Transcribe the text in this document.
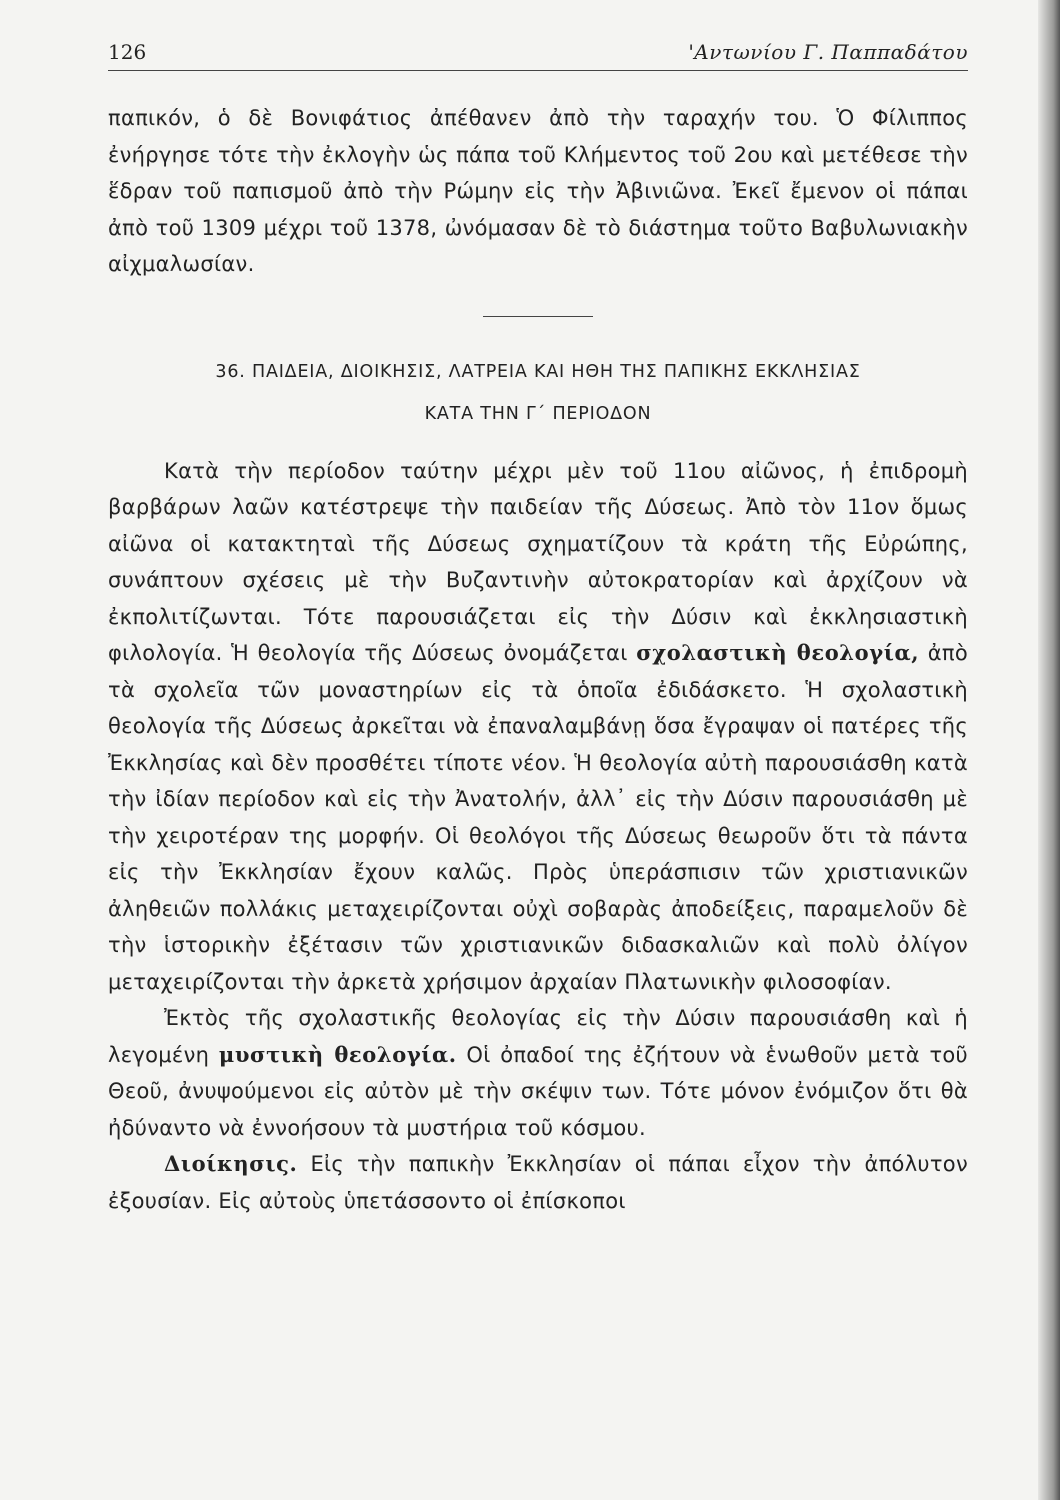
126	'Αντωνίου Γ. Παππαδάτου

παπικόν, ὁ δὲ Βονιφάτιος ἀπέθανεν ἀπὸ τὴν ταραχήν του. Ὁ Φίλιππος ἐνήργησε τότε τὴν ἐκλογὴν ὡς πάπα τοῦ Κλήμεντος τοῦ 2ου καὶ μετέθεσε τὴν ἕδραν τοῦ παπισμοῦ ἀπὸ τὴν Ρώμην εἰς τὴν Ἀβινιῶνα. Ἐκεῖ ἔμενον οἱ πάπαι ἀπὸ τοῦ 1309 μέχρι τοῦ 1378, ὠνόμασαν δὲ τὸ διάστημα τοῦτο Βαβυλωνιακὴν αἰχμαλωσίαν.

36. ΠΑΙΔΕΙΑ, ΔΙΟΙΚΗΣΙΣ, ΛΑΤΡΕΙΑ ΚΑΙ ΗΘΗ ΤΗΣ ΠΑΠΙΚΗΣ ΕΚΚΛΗΣΙΑΣ
ΚΑΤΑ ΤΗΝ Γ΄ ΠΕΡΙΟΔΟΝ

Κατὰ τὴν περίοδον ταύτην μέχρι μὲν τοῦ 11ου αἰῶνος, ἡ ἐπιδρομὴ βαρβάρων λαῶν κατέστρεψε τὴν παιδείαν τῆς Δύσεως. Ἀπὸ τὸν 11ον ὅμως αἰῶνα οἱ κατακτηταὶ τῆς Δύσεως σχηματίζουν τὰ κράτη τῆς Εὐρώπης, συνάπτουν σχέσεις μὲ τὴν Βυζαντινὴν αὐτοκρατορίαν καὶ ἀρχίζουν νὰ ἐκπολιτίζωνται. Τότε παρουσιάζεται εἰς τὴν Δύσιν καὶ ἐκκλησιαστικὴ φιλολογία. Ἡ θεολογία τῆς Δύσεως ὀνομάζεται σχολαστικὴ θεολογία, ἀπὸ τὰ σχολεῖα τῶν μοναστηρίων εἰς τὰ ὁποῖα ἐδιδάσκετο. Ἡ σχολαστικὴ θεολογία τῆς Δύσεως ἀρκεῖται νὰ ἐπαναλαμβάνῃ ὅσα ἔγραψαν οἱ πατέρες τῆς Ἐκκλησίας καὶ δὲν προσθέτει τίποτε νέον. Ἡ θεολογία αὐτὴ παρουσιάσθη κατὰ τὴν ἰδίαν περίοδον καὶ εἰς τὴν Ἀνατολήν, ἀλλ᾽ εἰς τὴν Δύσιν παρουσιάσθη μὲ τὴν χειροτέραν της μορφήν. Οἱ θεολόγοι τῆς Δύσεως θεωροῦν ὅτι τὰ πάντα εἰς τὴν Ἐκκλησίαν ἔχουν καλῶς. Πρὸς ὑπεράσπισιν τῶν χριστιανικῶν ἀληθειῶν πολλάκις μεταχειρίζονται οὐχὶ σοβαρὰς ἀποδείξεις, παραμελοῦν δὲ τὴν ἱστορικὴν ἐξέτασιν τῶν χριστιανικῶν διδασκαλιῶν καὶ πολὺ ὀλίγον μεταχειρίζονται τὴν ἀρκετὰ χρήσιμον ἀρχαίαν Πλατωνικὴν φιλοσοφίαν.

Ἐκτὸς τῆς σχολαστικῆς θεολογίας εἰς τὴν Δύσιν παρουσιάσθη καὶ ἡ λεγομένη μυστικὴ θεολογία. Οἱ ὀπαδοί της ἐζήτουν νὰ ἑνωθοῦν μετὰ τοῦ Θεοῦ, ἀνυψούμενοι εἰς αὐτὸν μὲ τὴν σκέψιν των. Τότε μόνον ἐνόμιζον ὅτι θὰ ἠδύναντο νὰ ἐννοήσουν τὰ μυστήρια τοῦ κόσμου.

Διοίκησις. Εἰς τὴν παπικὴν Ἐκκλησίαν οἱ πάπαι εἶχον τὴν ἀπόλυτον ἐξουσίαν. Εἰς αὐτοὺς ὑπετάσσοντο οἱ ἐπίσκοποι
